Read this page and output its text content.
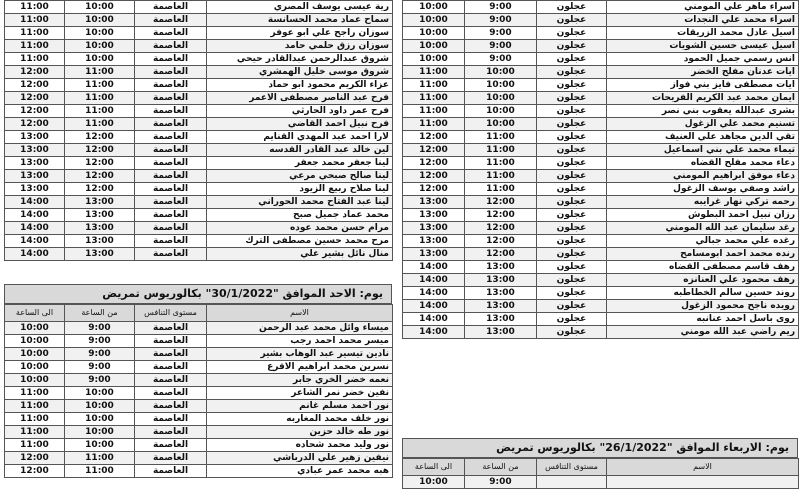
11:00	10:00	العاصمة	رية عيسى يوسف المصري
11:00	10:00	العاصمة	سماح عماد محمد الحسانسة
11:00	10:00	العاصمة	سوزان راجح علي ابو عوفر
11:00	10:00	العاصمة	سوزان رزق حلمي حامد
11:00	10:00	العاصمة	شروق عبدالرحمن عبدالقادر حيحي
12:00	11:00	العاصمة	شروق موسى خليل الهمشري
12:00	11:00	العاصمة	عزاء الكريم محمود ابو حماد
12:00	11:00	العاصمة	فرح عبد الناصر مصطفى الاعمر
12:00	11:00	العاصمة	فرح عمر داود الحارثي
12:00	11:00	العاصمة	فرح نبيل احمد القاضي
13:00	12:00	العاصمة	لارا احمد عبد المهدي القنايم
13:00	12:00	العاصمة	لين خالد عبد القادر القدسه
13:00	12:00	العاصمة	لينا جعفر محمد جعفر
13:00	12:00	العاصمة	لينا صالح صبحي مرعي
13:00	12:00	العاصمة	لينا صلاح ربيع الزيود
14:00	13:00	العاصمة	لينا عبد الفتاح محمد الحوراني
14:00	13:00	العاصمة	محمد عماد جميل صبح
14:00	13:00	العاصمة	مرام حسن محمد عوده
14:00	13:00	العاصمة	مرح محمد حسين مصطفى الترك
14:00	13:00	العاصمة	منال نائل بشير علي
يوم: الاحد الموافق "30/1/2022" بكالوريوس تمريض
الى الساعة	من الساعة	مستوى التنافس	الاسم
10:00	9:00	العاصمة	ميساء وائل محمد عبد الرحمن
10:00	9:00	العاصمة	ميسر محمد احمد رجب
10:00	9:00	العاصمة	نادين تيسير عبد الوهاب بشير
10:00	9:00	العاصمة	نسرين محمد ابراهيم الاقرع
10:00	9:00	العاصمة	نعمه خضر الخري جابر
11:00	10:00	العاصمة	نفين خضر نمر الشاعر
11:00	10:00	العاصمة	نور احمد مسلم غانم
11:00	10:00	العاصمة	نور خلف محمد المغاربه
11:00	10:00	العاصمة	نور طه خالد حزين
11:00	10:00	العاصمة	نور وليد محمد شحاده
12:00	11:00	العاصمة	نيفين زهير علي الدرباشي
12:00	11:00	العاصمة	هبه محمد عمر عبادي
10:00	9:00	عجلون	اسراء ماهر علي المومني
10:00	9:00	عجلون	اسراء محمد علي النجدات
10:00	9:00	عجلون	اسيل عادل محمد الزريقات
10:00	9:00	عجلون	اسيل عيسى حسين الشويات
10:00	9:00	عجلون	انس رسمي جميل الحمود
11:00	10:00	عجلون	ايات عدنان مفلح الخضر
11:00	10:00	عجلون	ايات مصطفى فايز بني فواز
11:00	10:00	عجلون	ايمان محمد عبد الكريم الفريحات
11:00	10:00	عجلون	بشرى عبدالله يعقوب بني نصر
11:00	10:00	عجلون	تسنيم محمد علي الزغول
12:00	11:00	عجلون	تقي الدين مجاهد علي العنيف
12:00	11:00	عجلون	تيماء محمد علي بني اسماعيل
12:00	11:00	عجلون	دعاء محمد مفلح القضاه
12:00	11:00	عجلون	دعاء موفق ابراهيم المومني
12:00	11:00	عجلون	راشد وصفي يوسف الزغول
13:00	12:00	عجلون	رحمه تركي نهار غرايبه
13:00	12:00	عجلون	رزان نبيل احمد البطوش
13:00	12:00	عجلون	رغد سليمان عبد الله المومني
13:00	12:00	عجلون	رغده علي محمد جبالي
13:00	12:00	عجلون	رنده محمد احمد ابومسامح
14:00	13:00	عجلون	رهف قاسم مصطفى القضاه
14:00	13:00	عجلون	رهف محمود علي العنانزه
14:00	13:00	عجلون	روند حسين سالم الخطاطبه
14:00	13:00	عجلون	رويده ناجح محمود الزغول
14:00	13:00	عجلون	روى باسل احمد عنانبه
14:00	13:00	عجلون	ريم راضي عبد الله مومني
يوم: الاربعاء الموافق "26/1/2022" بكالوريوس تمريض
الى الساعة	من الساعة	مستوى التنافس	الاسم
10:00	9:00		
